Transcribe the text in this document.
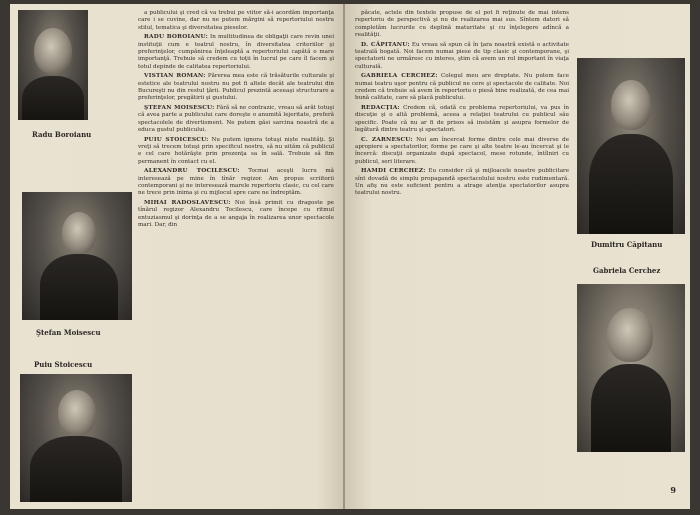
Radu Boroianu
Ştefan Moisescu
Puiu Stoicescu

a publicului şi cred că va trebui pe viitor să-i acordăm importanţa care i se cuvine, dar nu ne putem mărgini să repertoriului nostru stilul, tematica şi diversitatea pieselor.

RADU BOROIANU: In multitudinea de obligaţii care revin unei instituţii cum e teatrul nostru, în diversitatea criteriilor şi preferinţelor, cumpănirea înţeleaptă a repertoriului capătă o mare importanţă. Trebuie să credem cu toţii în lucrul pe care îl facem şi totul depinde de calitatea repertoriului.

VISTIAN ROMAN: Părerea mea este că trăsăturile culturale şi estetice ale teatrului nostru nu pot fi altele decât ale teatrului din Bucureşti nu din restul ţării. Publicul prezintă aceeaşi structurare a preferinţelor, pregătirii şi gustului.

ŞTEFAN MOISESCU: Fără să ne contrazic, vreau să arăt totuşi că avea parte a publicului care doreşte o anumită lejeritate, preferă spectacolele de divertisment. Ne putem găsi sarcina noastră de a educa gustul publicului.

PUIU STOICESCU: Nu putem ignora totuşi niște realităţi. Şi vreţi să trecem totuşi prin specificul nostru, să nu uităm că publicul e cel care hotărăşte prin prezenţa sa în sală. Trebuie să fim permanent în contact cu el.

ALEXANDRU TOCILESCU: Tocmai aceşti lucru mă interesează pe mine în tînăr regizor. Am propus scriitorii contemporani şi ne interesează marele repertoriu clasic, cu cel care ne trece prin inima şi cu mijlocul spre care ne îndreptăm.

MIHAI RADOSLAVESCU: Noi însă primit cu dragoste pe tînărul regizor Alexandru Tocilescu, care începe cu ritmul entuziasmul şi dorinţa de a se angaja în realizarea unor spectacole mari. Dar, din

păcate, actele din textele propuse de el pot fi reţinute de mai intens repertoriu de perspectivă şi nu de realizarea mai sus. Sîntem datori să completăm lucrurile cu deplină maturitate şi cu înţelegere adîncă a realităţii.

D. CĂPITANU: Eu vreau să spun că în ţara noastră există o activitate teatrală bogată. Noi facem numai piese de tip clasic şi contemporane, şi spectatorii ne urmăresc cu interes, ştim că avem un rol important în viaţa culturală.

GABRIELA CERCHEZ: Colegul meu are dreptate. Nu putem face numai teatru uşor pentru că publicul ne cere şi spectacole de calitate. Noi credem că trebuie să avem în repertoriu o piesă bine realizată, de cea mai bună calitate, care să placă publicului.

REDACŢIA: Credem că, odată cu problema repertoriului, va pus în discuţie şi o altă problemă, aceea a relaţiei teatrului cu publicul său specific. Poate că nu ar fi de prisos să insistăm şi asupra formelor de legătură dintre teatru şi spectatori.

C. ZARNESCU: Noi am încercat forme dintre cele mai diverse de apropiere a spectatorilor, forme pe care şi alte teatre le-au încercat şi le încercă: discuţii organizate după spectacol, mese rotunde, întîlniri cu publicul, seri literare.

HAMDI CERCHEZ: Eu consider că şi mijloacele noastre publicitare sînt dovadă de simplu propagandă spectacolului nostru este rudimentară. Un afiş nu este suficient pentru a atrage atenţia spectatorilor asupra teatrului nostru.

Dumitru Căpitanu
Gabriela Cerchez
9
